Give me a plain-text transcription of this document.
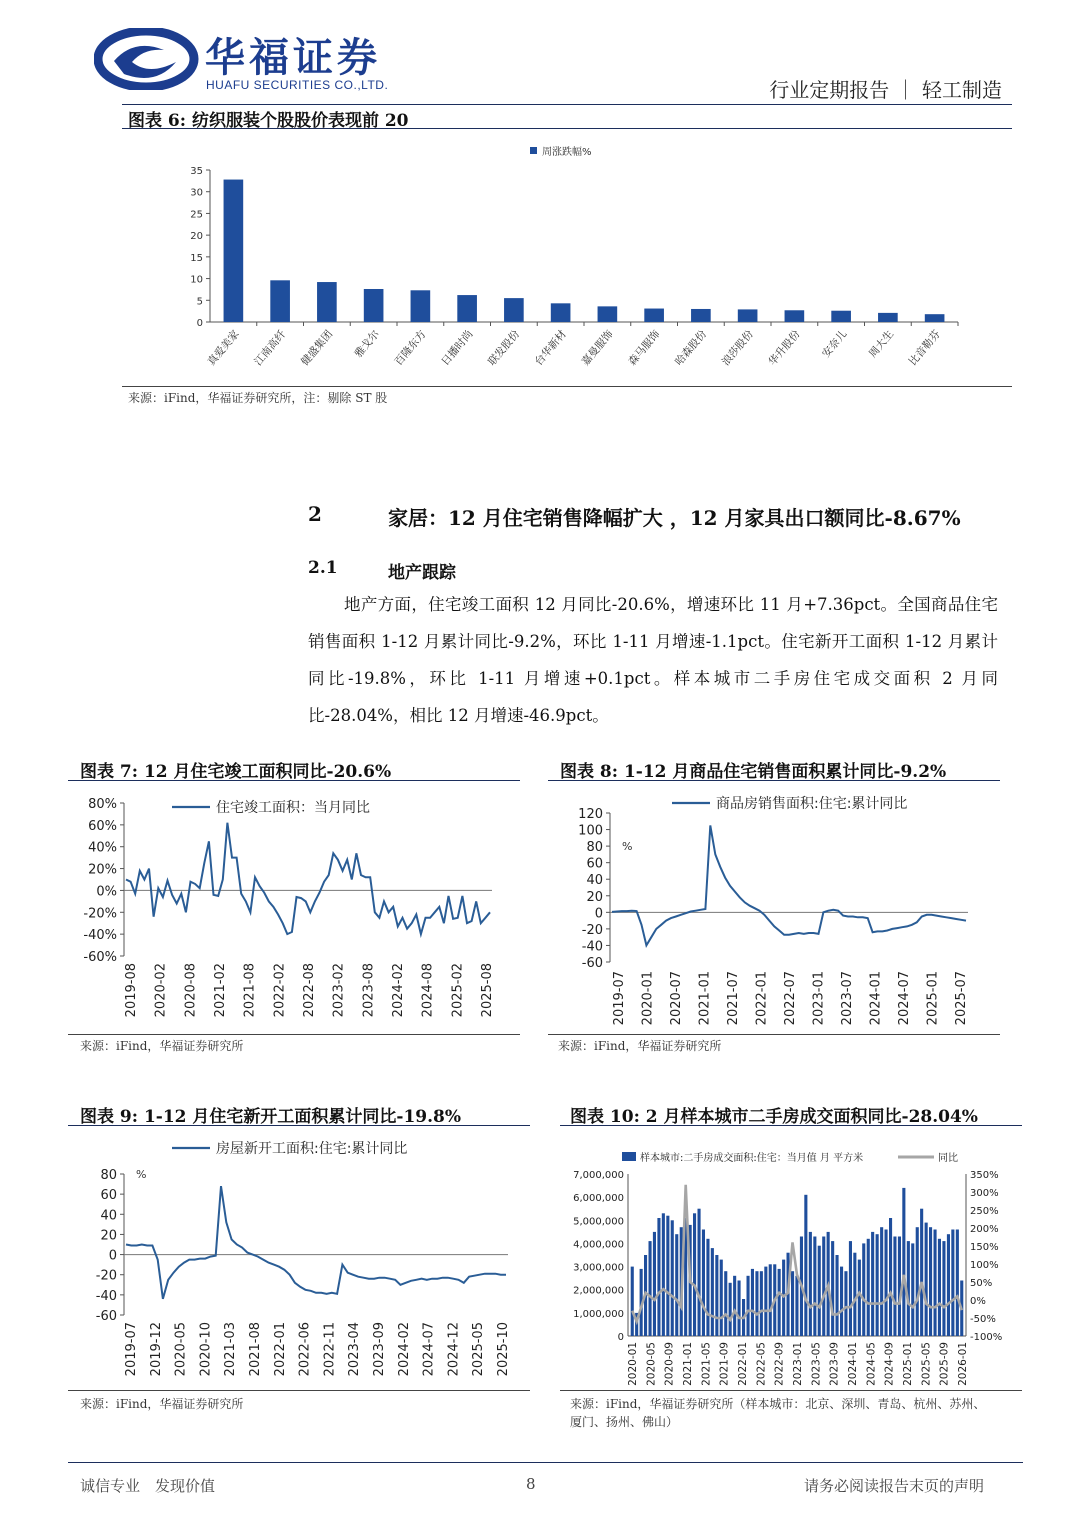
华福证券
HUAFU SECURITIES CO.,LTD.	行业定期报告 ｜ 轻工制造
图表 6: 纺织服装个股股价表现前 20
周涨跌幅%
0
5
10
15
20
25
30
35
真爱美家 江南高纤 健盛集团 雅戈尔 百隆东方 日播时尚 联发股份 台华新材 嘉曼服饰 森马服饰 哈森股份 浪莎股份 华升股份 安奈儿 周大生 比音勒芬
来源：iFind，华福证券研究所，注：剔除 ST 股
2	家居：12 月住宅销售降幅扩大 ，12 月家具出口额同比-8.67%
2.1	地产跟踪
地产方面，住宅竣工面积 12 月同比-20.6%，增速环比 11 月+7.36pct。全国商品住宅销售面积 1-12 月累计同比-9.2%，环比 1-11 月增速-1.1pct。住宅新开工面积 1-12 月累计同比-19.8%，环比 1-11 月增速+0.1pct。样本城市二手房住宅成交面积 2 月同比-28.04%，相比 12 月增速-46.9pct。
图表 7: 12 月住宅竣工面积同比-20.6%
住宅竣工面积：当月同比
80%
60%
40%
20%
0%
-20%
-40%
-60%
2019-08 2020-02 2020-08 2021-02 2021-08 2022-02 2022-08 2023-02 2023-08 2024-02 2024-08 2025-02 2025-08
来源：iFind，华福证券研究所
图表 8: 1-12 月商品住宅销售面积累计同比-9.2%
商品房销售面积:住宅:累计同比
%
120
100
80
60
40
20
0
-20
-40
-60
2019-07 2020-01 2020-07 2021-01 2021-07 2022-01 2022-07 2023-01 2023-07 2024-01 2024-07 2025-01 2025-07
来源：iFind，华福证券研究所
图表 9: 1-12 月住宅新开工面积累计同比-19.8%
房屋新开工面积:住宅:累计同比
%
80
60
40
20
0
-20
-40
-60
2019-07 2019-12 2020-05 2020-10 2021-03 2021-08 2022-01 2022-06 2022-11 2023-04 2023-09 2024-02 2024-07 2024-12 2025-05 2025-10
来源：iFind，华福证券研究所
图表 10: 2 月样本城市二手房成交面积同比-28.04%
样本城市:二手房成交面积:住宅：当月值 月 平方米	同比
7,000,000
6,000,000
5,000,000
4,000,000
3,000,000
2,000,000
1,000,000
0
350%
300%
250%
200%
150%
100%
50%
0%
-50%
-100%
2020-01 2020-05 2020-09 2021-01 2021-05 2021-09 2022-01 2022-05 2022-09 2023-01 2023-05 2023-09 2024-01 2024-05 2024-09 2025-01 2025-05 2025-09 2026-01
来源：iFind，华福证券研究所（样本城市：北京、深圳、青岛、杭州、苏州、
厦门、扬州、佛山）
诚信专业　发现价值	8	请务必阅读报告末页的声明
